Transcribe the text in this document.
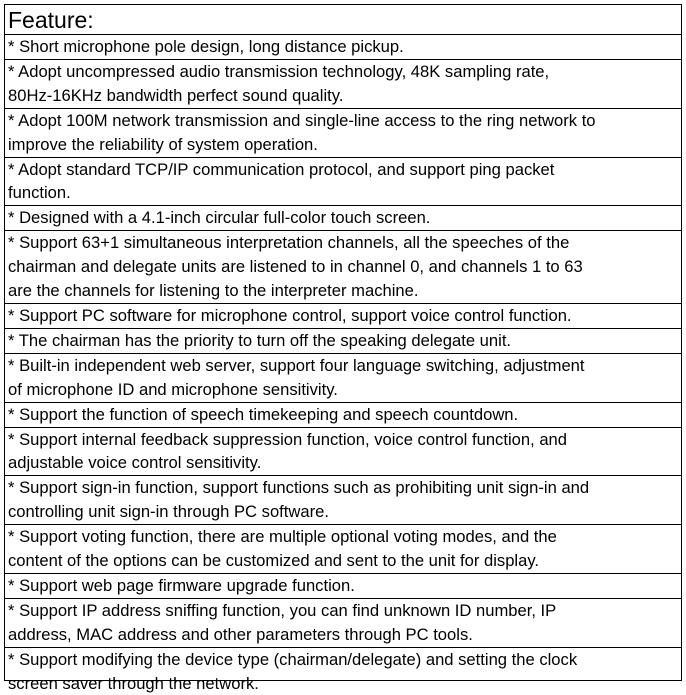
Feature:
* Short microphone pole design, long distance pickup.
* Adopt uncompressed audio transmission technology, 48K sampling rate,
80Hz-16KHz bandwidth perfect sound quality.
* Adopt 100M network transmission and single-line access to the ring network to
improve the reliability of system operation.
* Adopt standard TCP/IP communication protocol, and support ping packet
function.
* Designed with a 4.1-inch circular full-color touch screen.
* Support 63+1 simultaneous interpretation channels, all the speeches of the
chairman and delegate units are listened to in channel 0, and channels 1 to 63
are the channels for listening to the interpreter machine.
* Support PC software for microphone control, support voice control function.
* The chairman has the priority to turn off the speaking delegate unit.
* Built-in independent web server, support four language switching, adjustment
of microphone ID and microphone sensitivity.
* Support the function of speech timekeeping and speech countdown.
* Support internal feedback suppression function, voice control function, and
adjustable voice control sensitivity.
* Support sign-in function, support functions such as prohibiting unit sign-in and
controlling unit sign-in through PC software.
* Support voting function, there are multiple optional voting modes, and the
content of the options can be customized and sent to the unit for display.
* Support web page firmware upgrade function.
* Support IP address sniffing function, you can find unknown ID number, IP
address, MAC address and other parameters through PC tools.
* Support modifying the device type (chairman/delegate) and setting the clock
screen saver through the network.
